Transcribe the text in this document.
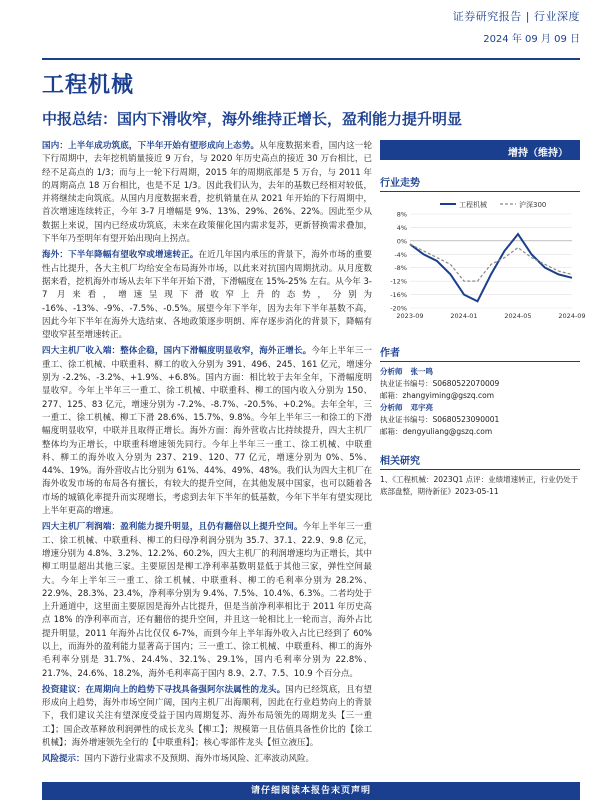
证券研究报告 | 行业深度
2024 年 09 月 09 日
工程机械
中报总结：国内下滑收窄，海外维持正增长，盈利能力提升明显

国内：上半年成功筑底，下半年开始有望形成向上态势。从年度数据来看，国内这一轮下行周期中，去年挖机销量接近 9 万台，与 2020 年历史高点的接近 30 万台相比，已经不足高点的 1/3；而与上一轮下行周期，2015 年的周期底部是 5 万台，与 2011 年的周期高点 18 万台相比，也是不足 1/3。因此我们认为，去年的基数已经相对较低，并将继续走向筑底。从国内月度数据来看，挖机销量在从 2021 年开始的下行周期中，首次增速连续转正，今年 3-7 月增幅是 9%、13%、29%、26%、22%。因此至少从数据上来说，国内已经成功筑底，未来在政策催化国内需求复苏，更新替换需求叠加，下半年乃至明年有望开始出现向上拐点。

海外：下半年降幅有望收窄或增速转正。在近几年国内承压的背景下，海外市场的重要性占比提升，各大主机厂均给安全布局海外市场，以此来对抗国内周期扰动。从月度数据来看，挖机海外市场从去年下半年开始下滑，下滑幅度在 15%-25% 左右。从今年 3-7 月来看，增速呈现下滑收窄上升的态势，分别为 -16%、-13%、-9%、-7.5%、-0.5%。展望今年下半年，因为去年下半年基数不高，因此今年下半年在海外大选结束、各地政策逐步明朗、库存逐步消化的背景下，降幅有望收窄甚至增速转正。

四大主机厂收入端：整体企稳，国内下滑幅度明显收窄，海外正增长。今年上半年三一重工、徐工机械、中联重科、柳工的收入分别为 391、496、245、161 亿元，增速分别为 -2.2%、-3.2%、+1.9%、+6.8%。国内方面：相比较于去年全年，下滑幅度明显收窄。今年上半年三一重工、徐工机械、中联重科、柳工的国内收入分别为 150、277、125、83 亿元，增速分别为 -7.2%、-8.7%、-20.5%、+0.2%。去年全年，三一重工、徐工机械、柳工下滑 28.6%、15.7%、9.8%。今年上半年三一和徐工的下滑幅度明显收窄，中联并且取得正增长。海外方面：海外营收占比持续提升，四大主机厂整体均为正增长，中联重科增速领先同行。今年上半年三一重工、徐工机械、中联重科、柳工的海外收入分别为 237、219、120、77 亿元，增速分别为 0%、5%、44%、19%。海外营收占比分别为 61%、44%、49%、48%。我们认为四大主机厂在海外收发市场的布局各有擅长，有较大的提升空间，在其他发展中国家，也可以随着各市场的城镇化率提升而实现增长，考虑到去年下半年的低基数，今年下半年有望实现比上半年更高的增速。

四大主机厂利润端：盈利能力提升明显，且仍有翻倍以上提升空间。今年上半年三一重工、徐工机械、中联重科、柳工的归母净利润分别为 35.7、37.1、22.9、9.8 亿元，增速分别为 4.8%、3.2%、12.2%、60.2%，四大主机厂的利润增速均为正增长，其中柳工明显超出其他三家。主要原因是柳工净利率基数明显低于其他三家，弹性空间最大。今年上半年三一重工、徐工机械、中联重科、柳工的毛利率分别为 28.2%、22.9%、28.3%、23.4%，净利率分别为 9.4%、7.5%、10.4%、6.3%。二者均处于上升通道中，这里面主要原因是海外占比提升，但是当前净利率相比于 2011 年历史高点 18% 的净利率而言，还有翻倍的提升空间，并且这一轮相比上一轮而言，海外占比提升明显，2011 年海外占比仅仅 6-7%，而到今年上半年海外收入占比已经到了 60% 以上，而海外的盈利能力显著高于国内；三一重工、徐工机械、中联重科、柳工的海外毛利率分别是 31.7%、24.4%、32.1%、29.1%，国内毛利率分别为 22.8%、21.7%、24.6%、18.2%，海外毛利率高于国内 8.9、2.7、7.5、10.9 个百分点。

投资建议：在周期向上的趋势下寻找具备强阿尔法属性的龙头。国内已经筑底，且有望形成向上趋势，海外市场空间广阔，国内主机厂出海顺利，因此在行业趋势向上的背景下，我们建议关注有望深度受益于国内周期复苏、海外布局领先的周期龙头【三一重工】；国企改革释放利润弹性的成长龙头【柳工】；规模第一且估值具备性价比的【徐工机械】；海外增速领先全行的【中联重科】；核心零部件龙头【恒立液压】。

风险提示：国内下游行业需求不及预期、海外市场风险、汇率波动风险。

增持（维持）
行业走势
8%
4%
0%
-4%
-8%
-12%
-16%
-20%
2023-09	2024-01	2024-05	2024-09
工程机械	沪深300
作者
分析师 张一鸣
执业证书编号：S0680522070009
邮箱：zhangyiming@gszq.com
分析师 邓宇亮
执业证书编号：S0680523090001
邮箱：dengyuliang@gszq.com
相关研究
1、《工程机械：2023Q1 点评：业绩增速转正，行业仍处于底部盘整，期待新征》2023-05-11
请仔细阅读本报告末页声明
